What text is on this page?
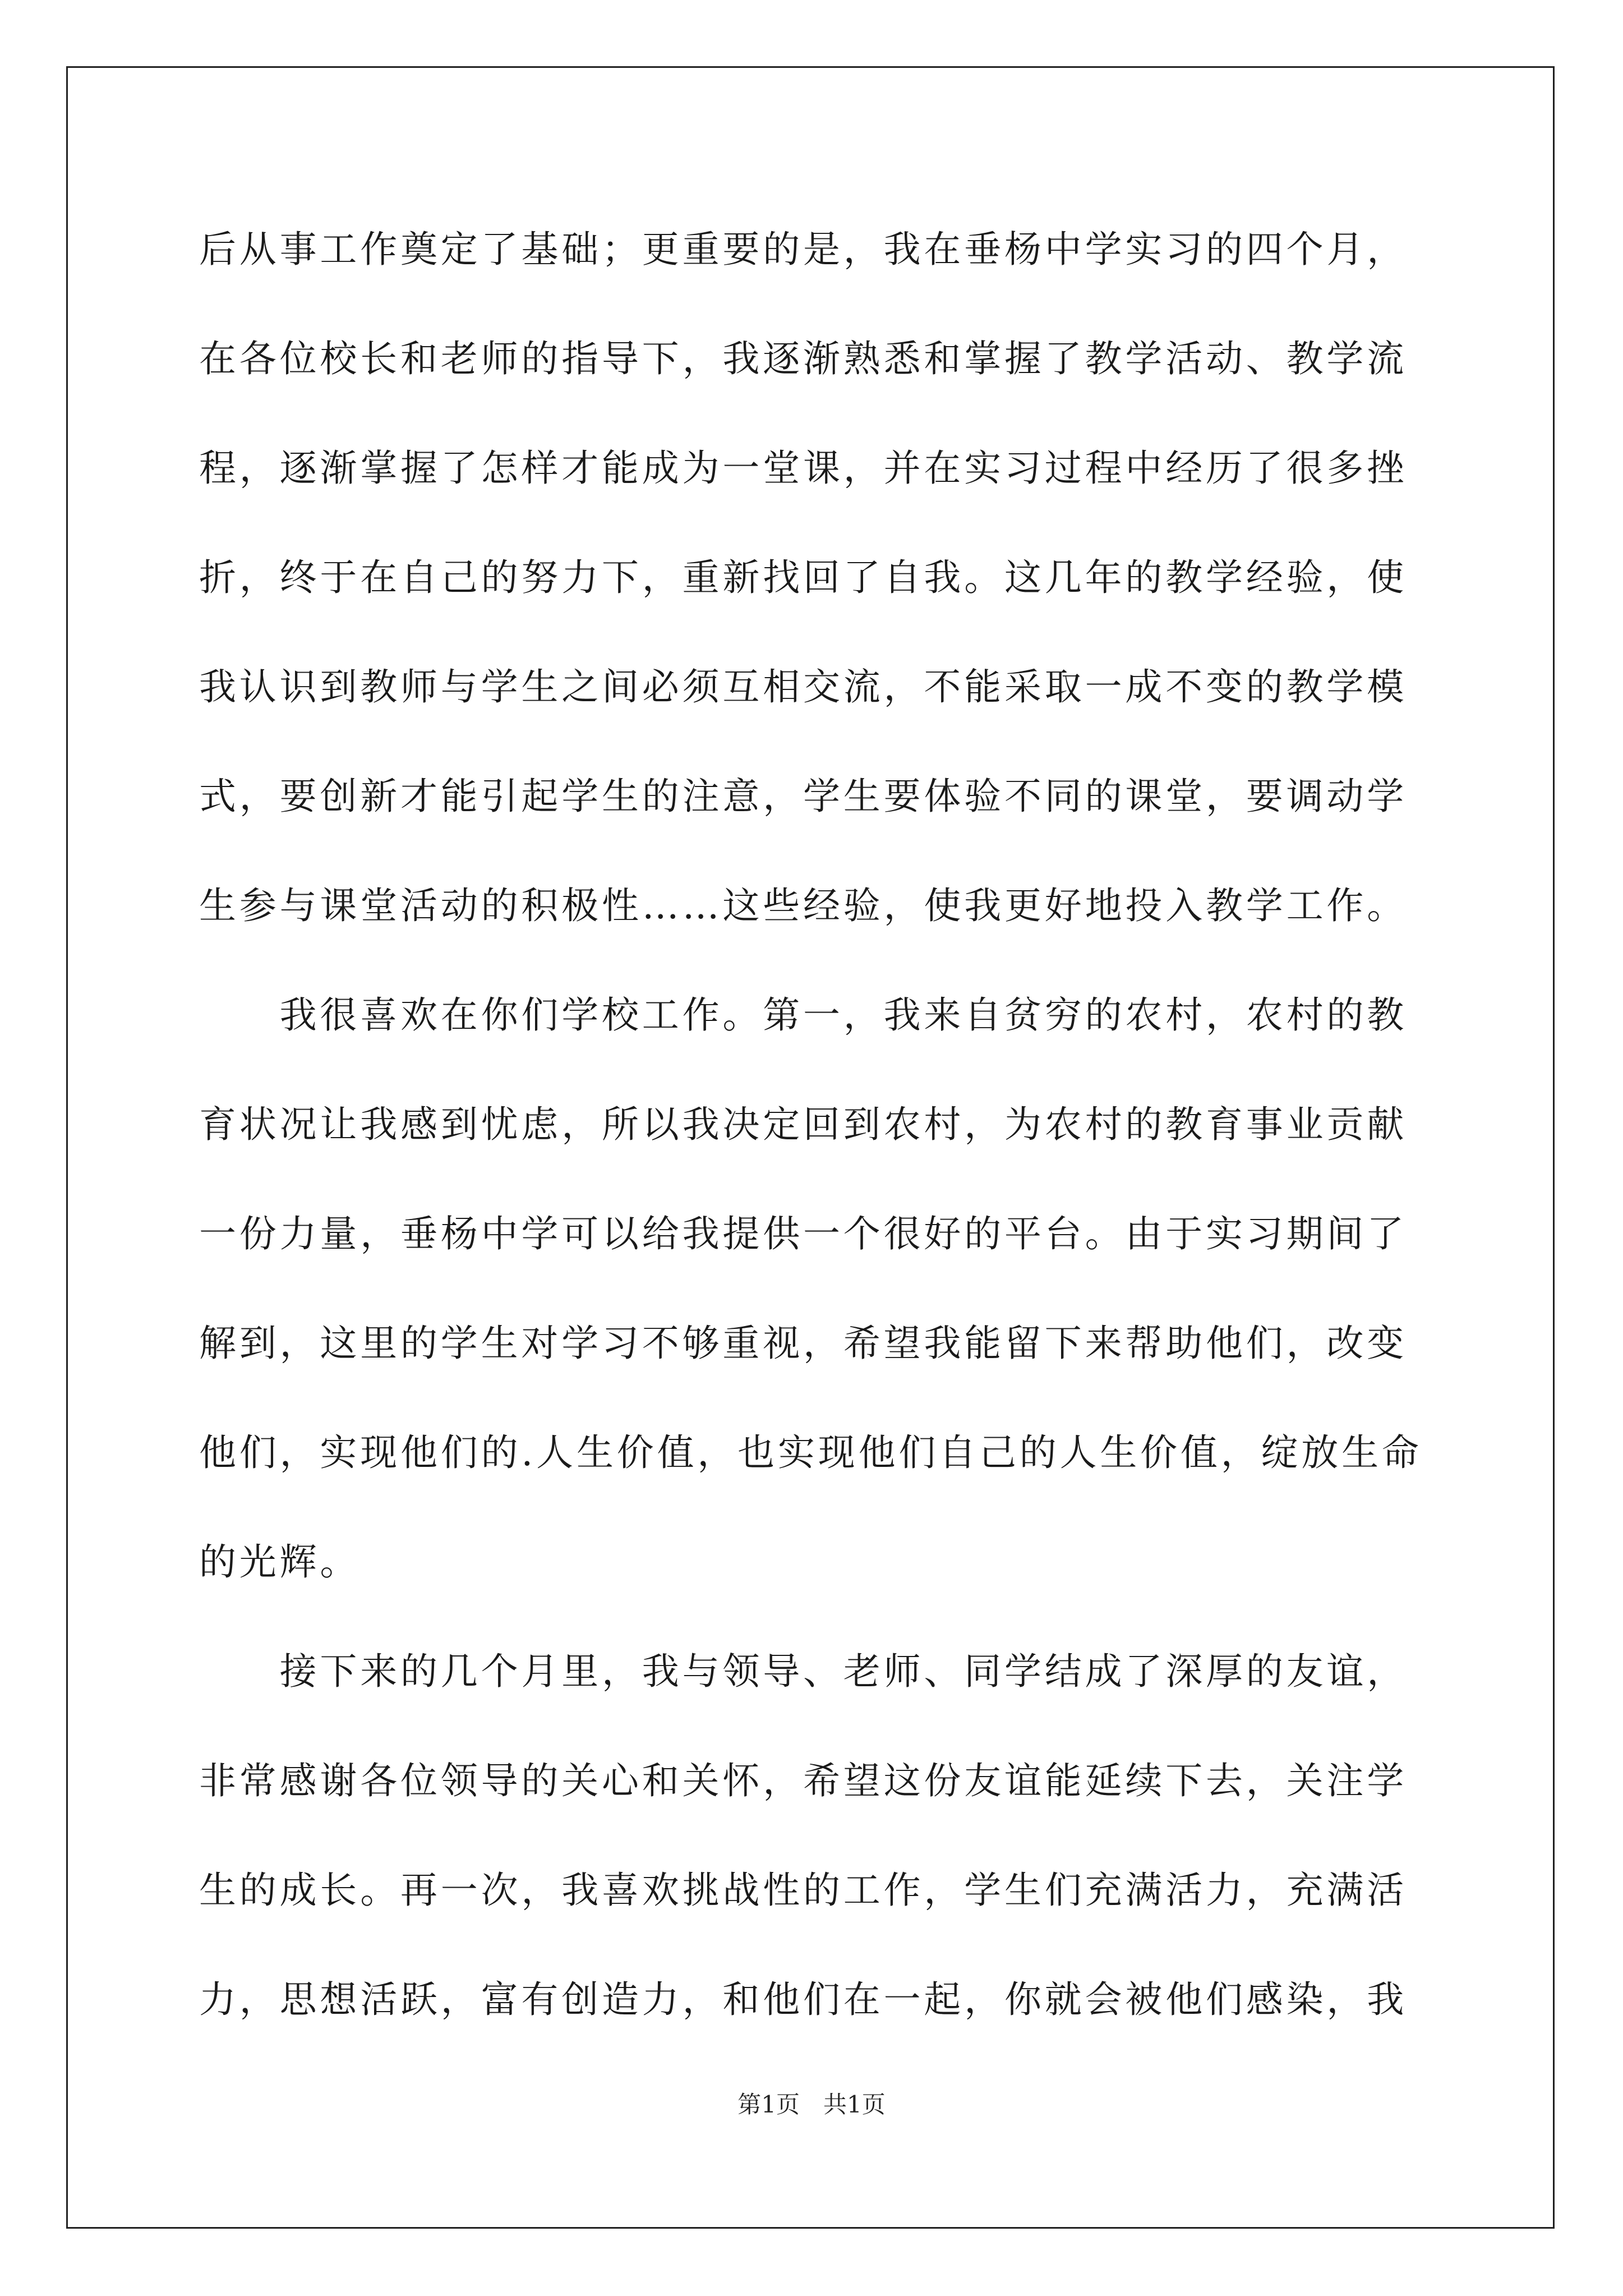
后从事工作奠定了基础；更重要的是，我在垂杨中学实习的四个月，
在各位校长和老师的指导下，我逐渐熟悉和掌握了教学活动、教学流
程，逐渐掌握了怎样才能成为一堂课，并在实习过程中经历了很多挫
折，终于在自己的努力下，重新找回了自我。这几年的教学经验，使
我认识到教师与学生之间必须互相交流，不能采取一成不变的教学模
式，要创新才能引起学生的注意，学生要体验不同的课堂，要调动学
生参与课堂活动的积极性……这些经验，使我更好地投入教学工作。
　　我很喜欢在你们学校工作。第一，我来自贫穷的农村，农村的教
育状况让我感到忧虑，所以我决定回到农村，为农村的教育事业贡献
一份力量，垂杨中学可以给我提供一个很好的平台。由于实习期间了
解到，这里的学生对学习不够重视，希望我能留下来帮助他们，改变
他们，实现他们的.人生价值，也实现他们自己的人生价值，绽放生命
的光辉。
　　接下来的几个月里，我与领导、老师、同学结成了深厚的友谊，
非常感谢各位领导的关心和关怀，希望这份友谊能延续下去，关注学
生的成长。再一次，我喜欢挑战性的工作，学生们充满活力，充满活
力，思想活跃，富有创造力，和他们在一起，你就会被他们感染，我
第1页　共1页
